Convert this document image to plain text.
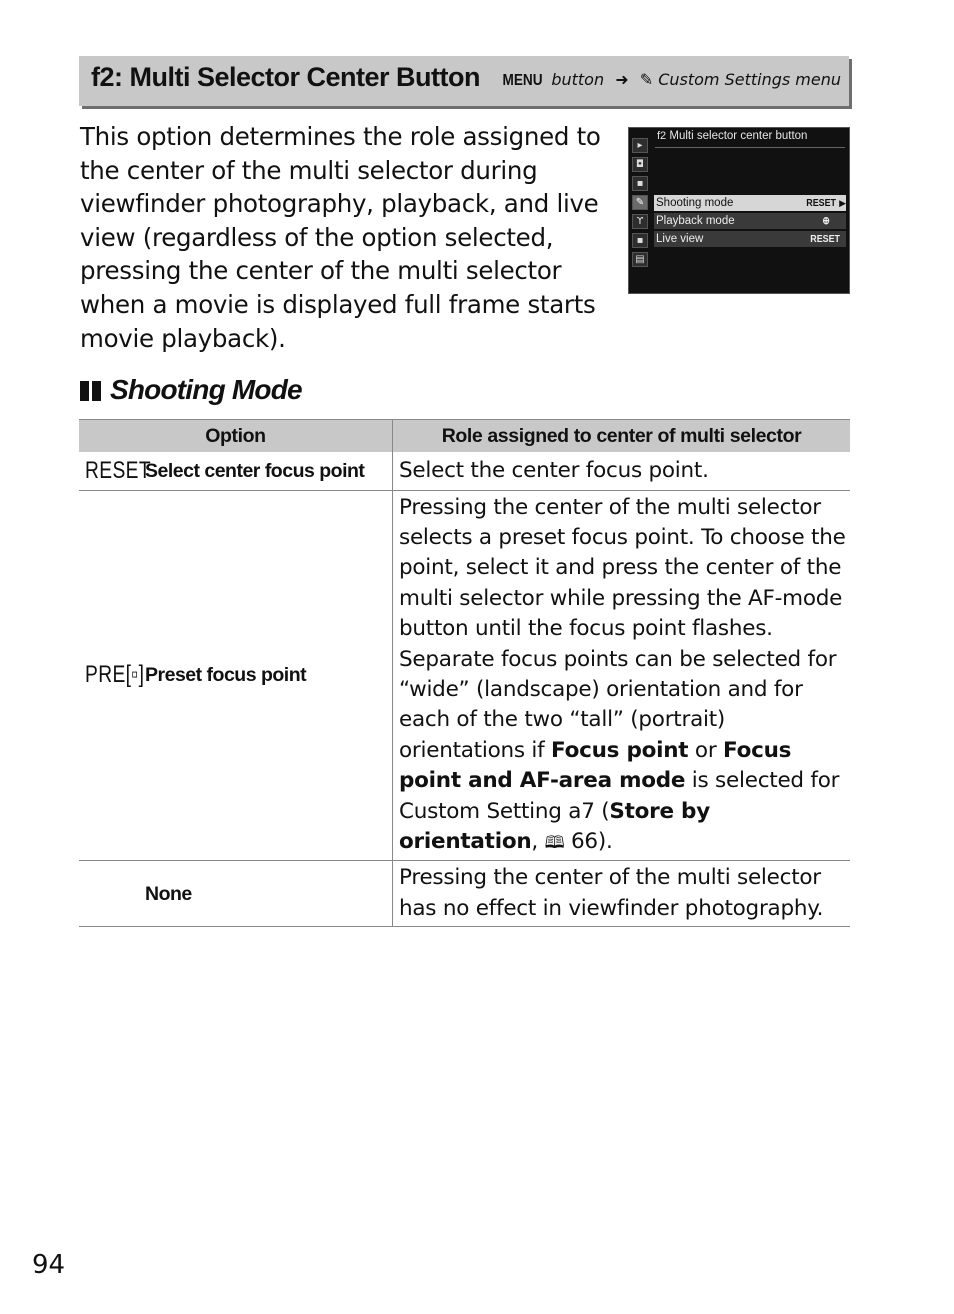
f2: Multi Selector Center Button MENU button ➜ ✎ Custom Settings menu
This option determines the role assigned to the center of the multi selector during viewfinder photography, playback, and live view (regardless of the option selected, pressing the center of the multi selector when a movie is displayed full frame starts movie playback).
f2 Multi selector center button
▸
◘
▪
✎
ϒ
▪
▤
Shooting mode	RESET ▶
Playback mode	⊕
Live view	RESET
Shooting Mode
Option	Role assigned to center of multi selector

RESET
Select center focus point	Select the center focus point.

PRE[▫] Preset focus point	Pressing the center of the multi selector selects a preset focus point. To choose the point, select it and press the center of the multi selector while pressing the AF-mode button until the focus point flashes. Separate focus points can be selected for “wide” (landscape) orientation and for each of the two “tall” (portrait) orientations if Focus point or Focus point and AF-area mode is selected for Custom Setting a7 (Store by orientation, 🕮 66).

None	Pressing the center of the multi selector has no effect in viewfinder photography.
94
